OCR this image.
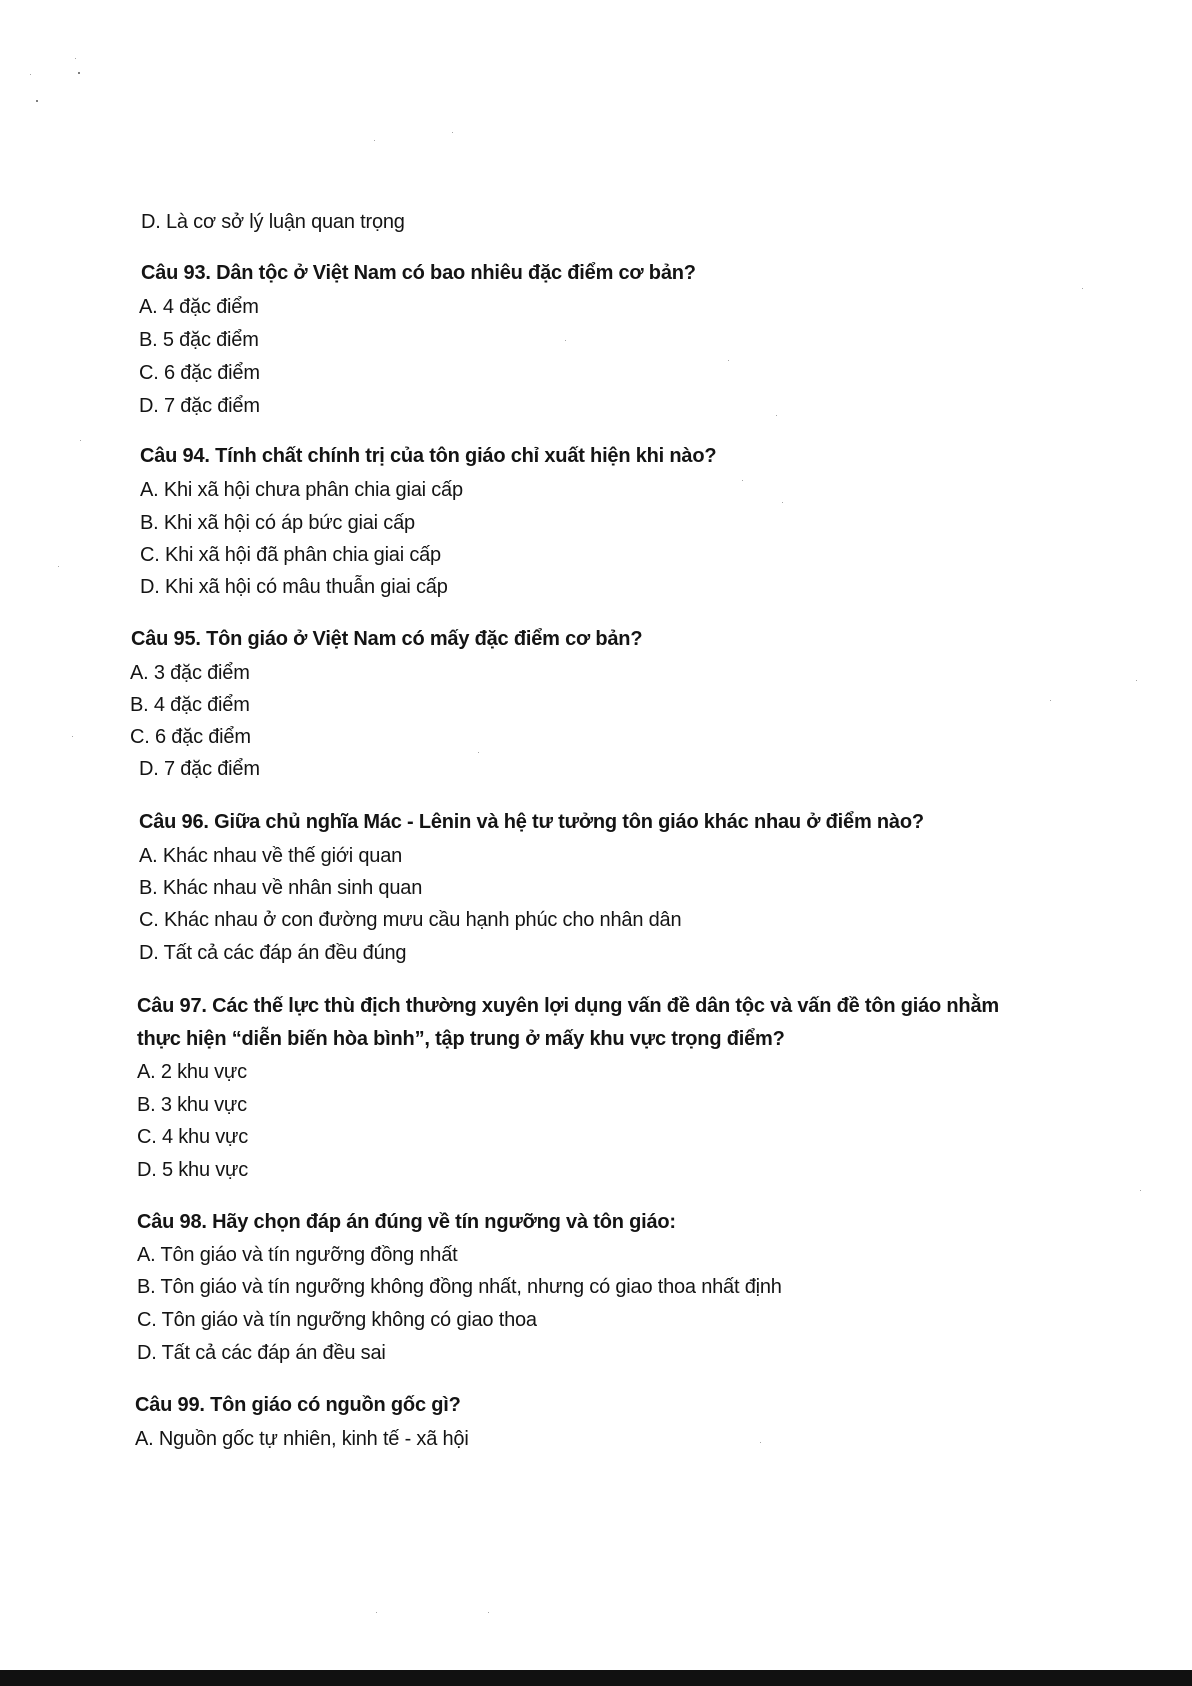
D. Là cơ sở lý luận quan trọng
Câu 93. Dân tộc ở Việt Nam có bao nhiêu đặc điểm cơ bản?
A. 4 đặc điểm
B. 5 đặc điểm
C. 6 đặc điểm
D. 7 đặc điểm
Câu 94. Tính chất chính trị của tôn giáo chỉ xuất hiện khi nào?
A. Khi xã hội chưa phân chia giai cấp
B. Khi xã hội có áp bức giai cấp
C. Khi xã hội đã phân chia giai cấp
D. Khi xã hội có mâu thuẫn giai cấp
Câu 95. Tôn giáo ở Việt Nam có mấy đặc điểm cơ bản?
A. 3 đặc điểm
B. 4 đặc điểm
C. 6 đặc điểm
D. 7 đặc điểm
Câu 96. Giữa chủ nghĩa Mác - Lênin và hệ tư tưởng tôn giáo khác nhau ở điểm nào?
A. Khác nhau về thế giới quan
B. Khác nhau về nhân sinh quan
C. Khác nhau ở con đường mưu cầu hạnh phúc cho nhân dân
D. Tất cả các đáp án đều đúng
Câu 97. Các thế lực thù địch thường xuyên lợi dụng vấn đề dân tộc và vấn đề tôn giáo nhằm
thực hiện “diễn biến hòa bình”, tập trung ở mấy khu vực trọng điểm?
A. 2 khu vực
B. 3 khu vực
C. 4 khu vực
D. 5 khu vực
Câu 98. Hãy chọn đáp án đúng về tín ngưỡng và tôn giáo:
A. Tôn giáo và tín ngưỡng đồng nhất
B. Tôn giáo và tín ngưỡng không đồng nhất, nhưng có giao thoa nhất định
C. Tôn giáo và tín ngưỡng không có giao thoa
D. Tất cả các đáp án đều sai
Câu 99. Tôn giáo có nguồn gốc gì?
A. Nguồn gốc tự nhiên, kinh tế - xã hội
